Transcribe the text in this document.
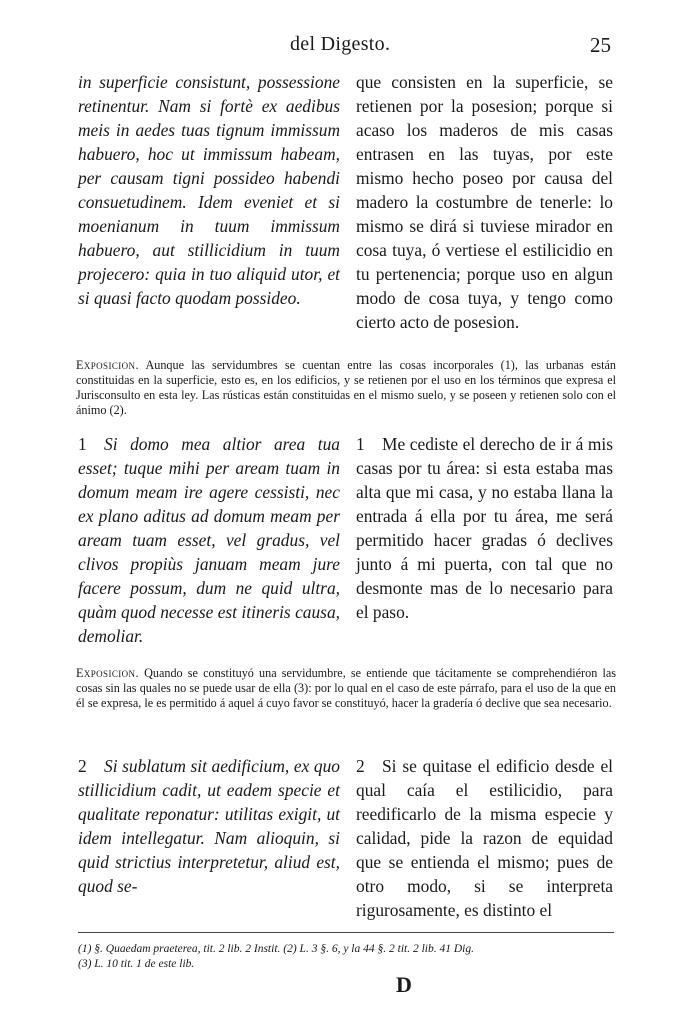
del Digesto.	25

in superficie consistunt, possessione retinentur. Nam si fortè ex aedibus meis in aedes tuas tignum immissum habuero, hoc ut immissum habeam, per causam tigni possideo habendi consuetudinem. Idem eveniet et si moenianum in tuum immissum habuero, aut stillicidium in tuum projecero: quia in tuo aliquid utor, et si quasi facto quodam possideo.

que consisten en la superficie, se retienen por la posesion; porque si acaso los maderos de mis casas entrasen en las tuyas, por este mismo hecho poseo por causa del madero la costumbre de tenerle: lo mismo se dirá si tuviese mirador en cosa tuya, ó vertiese el estilicidio en tu pertenencia; porque uso en algun modo de cosa tuya, y tengo como cierto acto de posesion.

Exposicion. Aunque las servidumbres se cuentan entre las cosas incorporales (1), las urbanas están constituidas en la superficie, esto es, en los edificios, y se retienen por el uso en los términos que expresa el Jurisconsulto en esta ley. Las rústicas están constituidas en el mismo suelo, y se poseen y retienen solo con el ánimo (2).

1 Si domo mea altior area tua esset; tuque mihi per aream tuam in domum meam ire agere cessisti, nec ex plano aditus ad domum meam per aream tuam esset, vel gradus, vel clivos propiùs januam meam jure facere possum, dum ne quid ultra, quàm quod necesse est itineris causa, demoliar.

1 Me cediste el derecho de ir á mis casas por tu área: si esta estaba mas alta que mi casa, y no estaba llana la entrada á ella por tu área, me será permitido hacer gradas ó declives junto á mi puerta, con tal que no desmonte mas de lo necesario para el paso.

Exposicion. Quando se constituyó una servidumbre, se entiende que tácitamente se comprehendiéron las cosas sin las quales no se puede usar de ella (3): por lo qual en el caso de este párrafo, para el uso de la que en él se expresa, le es permitido á aquel á cuyo favor se constituyó, hacer la gradería ó declive que sea necesario.

2 Si sublatum sit aedificium, ex quo stillicidium cadit, ut eadem specie et qualitate reponatur: utilitas exigit, ut idem intellegatur. Nam alioquin, si quid strictius interpretetur, aliud est, quod se-

2 Si se quitase el edificio desde el qual caía el estilicidio, para reedificarlo de la misma especie y calidad, pide la razon de equidad que se entienda el mismo; pues de otro modo, si se interpreta rigurosamente, es distinto el

(1) §. Quaedam praeterea, tit. 2 lib. 2 Instit. (2) L. 3 §. 6, y la 44 §. 2 tit. 2 lib. 41 Dig.
(3) L. 10 tit. 1 de este lib.
D
